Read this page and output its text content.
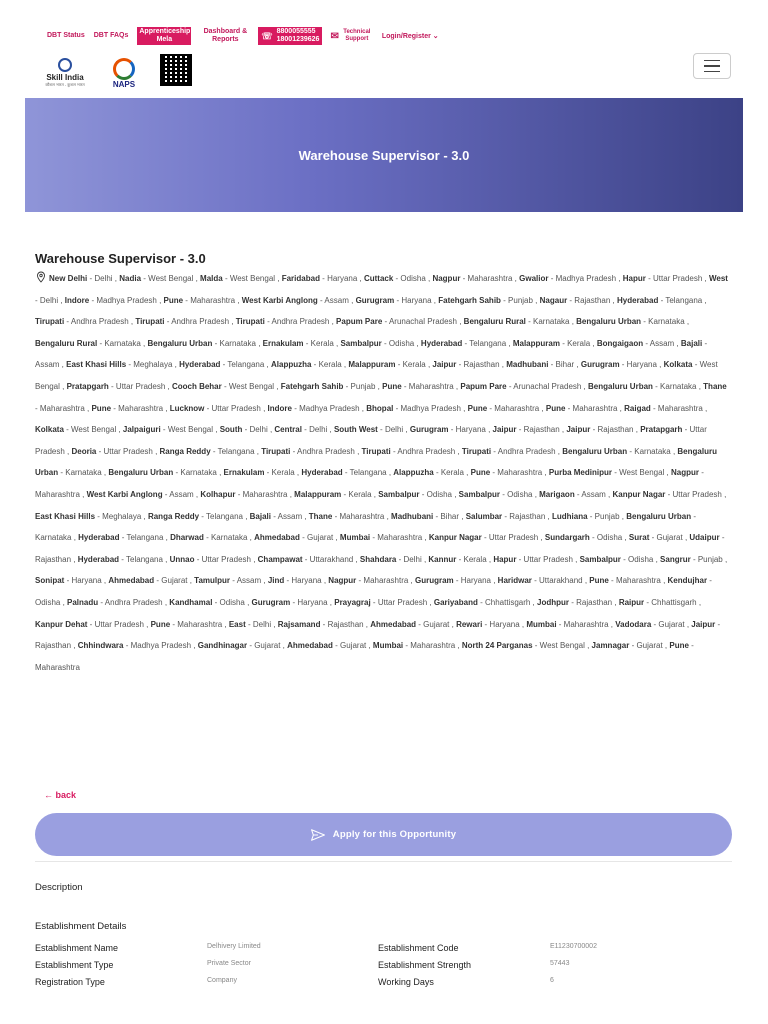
DBT Status DBT FAQs
Apprenticeship Mela
Dashboard & Reports	☏ 8800055555
18001239626 ✉ Technical Support	Login/Register ⌄
Skill India
कौशल भारत - कुशल भारत	NAPS
Warehouse Supervisor - 3.0
Warehouse Supervisor - 3.0
New Delhi - Delhi , Nadia - West Bengal , Malda - West Bengal , Faridabad - Haryana , Cuttack - Odisha , Nagpur - Maharashtra , Gwalior - Madhya Pradesh , Hapur - Uttar Pradesh , West - Delhi , Indore - Madhya Pradesh , Pune - Maharashtra , West Karbi Anglong - Assam , Gurugram - Haryana , Fatehgarh Sahib - Punjab , Nagaur - Rajasthan , Hyderabad - Telangana , Tirupati - Andhra Pradesh , Tirupati - Andhra Pradesh , Tirupati - Andhra Pradesh , Papum Pare - Arunachal Pradesh , Bengaluru Rural - Karnataka , Bengaluru Urban - Karnataka , Bengaluru Rural - Karnataka , Bengaluru Urban - Karnataka , Ernakulam - Kerala , Sambalpur - Odisha , Hyderabad - Telangana , Malappuram - Kerala , Bongaigaon - Assam , Bajali - Assam , East Khasi Hills - Meghalaya , Hyderabad - Telangana , Alappuzha - Kerala , Malappuram - Kerala , Jaipur - Rajasthan , Madhubani - Bihar , Gurugram - Haryana , Kolkata - West Bengal , Pratapgarh - Uttar Pradesh , Cooch Behar - West Bengal , Fatehgarh Sahib - Punjab , Pune - Maharashtra , Papum Pare - Arunachal Pradesh , Bengaluru Urban - Karnataka , Thane - Maharashtra , Pune - Maharashtra , Lucknow - Uttar Pradesh , Indore - Madhya Pradesh , Bhopal - Madhya Pradesh , Pune - Maharashtra , Pune - Maharashtra , Raigad - Maharashtra , Kolkata - West Bengal , Jalpaiguri - West Bengal , South - Delhi , Central - Delhi , South West - Delhi , Gurugram - Haryana , Jaipur - Rajasthan , Jaipur - Rajasthan , Pratapgarh - Uttar Pradesh , Deoria - Uttar Pradesh , Ranga Reddy - Telangana , Tirupati - Andhra Pradesh , Tirupati - Andhra Pradesh , Tirupati - Andhra Pradesh , Bengaluru Urban - Karnataka , Bengaluru Urban - Karnataka , Bengaluru Urban - Karnataka , Ernakulam - Kerala , Hyderabad - Telangana , Alappuzha - Kerala , Pune - Maharashtra , Purba Medinipur - West Bengal , Nagpur - Maharashtra , West Karbi Anglong - Assam , Kolhapur - Maharashtra , Malappuram - Kerala , Sambalpur - Odisha , Sambalpur - Odisha , Marigaon - Assam , Kanpur Nagar - Uttar Pradesh , East Khasi Hills - Meghalaya , Ranga Reddy - Telangana , Bajali - Assam , Thane - Maharashtra , Madhubani - Bihar , Salumbar - Rajasthan , Ludhiana - Punjab , Bengaluru Urban - Karnataka , Hyderabad - Telangana , Dharwad - Karnataka , Ahmedabad - Gujarat , Mumbai - Maharashtra , Kanpur Nagar - Uttar Pradesh , Sundargarh - Odisha , Surat - Gujarat , Udaipur - Rajasthan , Hyderabad - Telangana , Unnao - Uttar Pradesh , Champawat - Uttarakhand , Shahdara - Delhi , Kannur - Kerala , Hapur - Uttar Pradesh , Sambalpur - Odisha , Sangrur - Punjab , Sonipat - Haryana , Ahmedabad - Gujarat , Tamulpur - Assam , Jind - Haryana , Nagpur - Maharashtra , Gurugram - Haryana , Haridwar - Uttarakhand , Pune - Maharashtra , Kendujhar - Odisha , Palnadu - Andhra Pradesh , Kandhamal - Odisha , Gurugram - Haryana , Prayagraj - Uttar Pradesh , Gariyaband - Chhattisgarh , Jodhpur - Rajasthan , Raipur - Chhattisgarh , Kanpur Dehat - Uttar Pradesh , Pune - Maharashtra , East - Delhi , Rajsamand - Rajasthan , Ahmedabad - Gujarat , Rewari - Haryana , Mumbai - Maharashtra , Vadodara - Gujarat , Jaipur - Rajasthan , Chhindwara - Madhya Pradesh , Gandhinagar - Gujarat , Ahmedabad - Gujarat , Mumbai - Maharashtra , North 24 Parganas - West Bengal , Jamnagar - Gujarat , Pune - Maharashtra
← back
Apply for this Opportunity
Description
Establishment Details
Establishment Name	Delhivery Limited	Establishment Code	E11230700002
Establishment Type	Private Sector	Establishment Strength	57443
Registration Type	Company	Working Days	6
